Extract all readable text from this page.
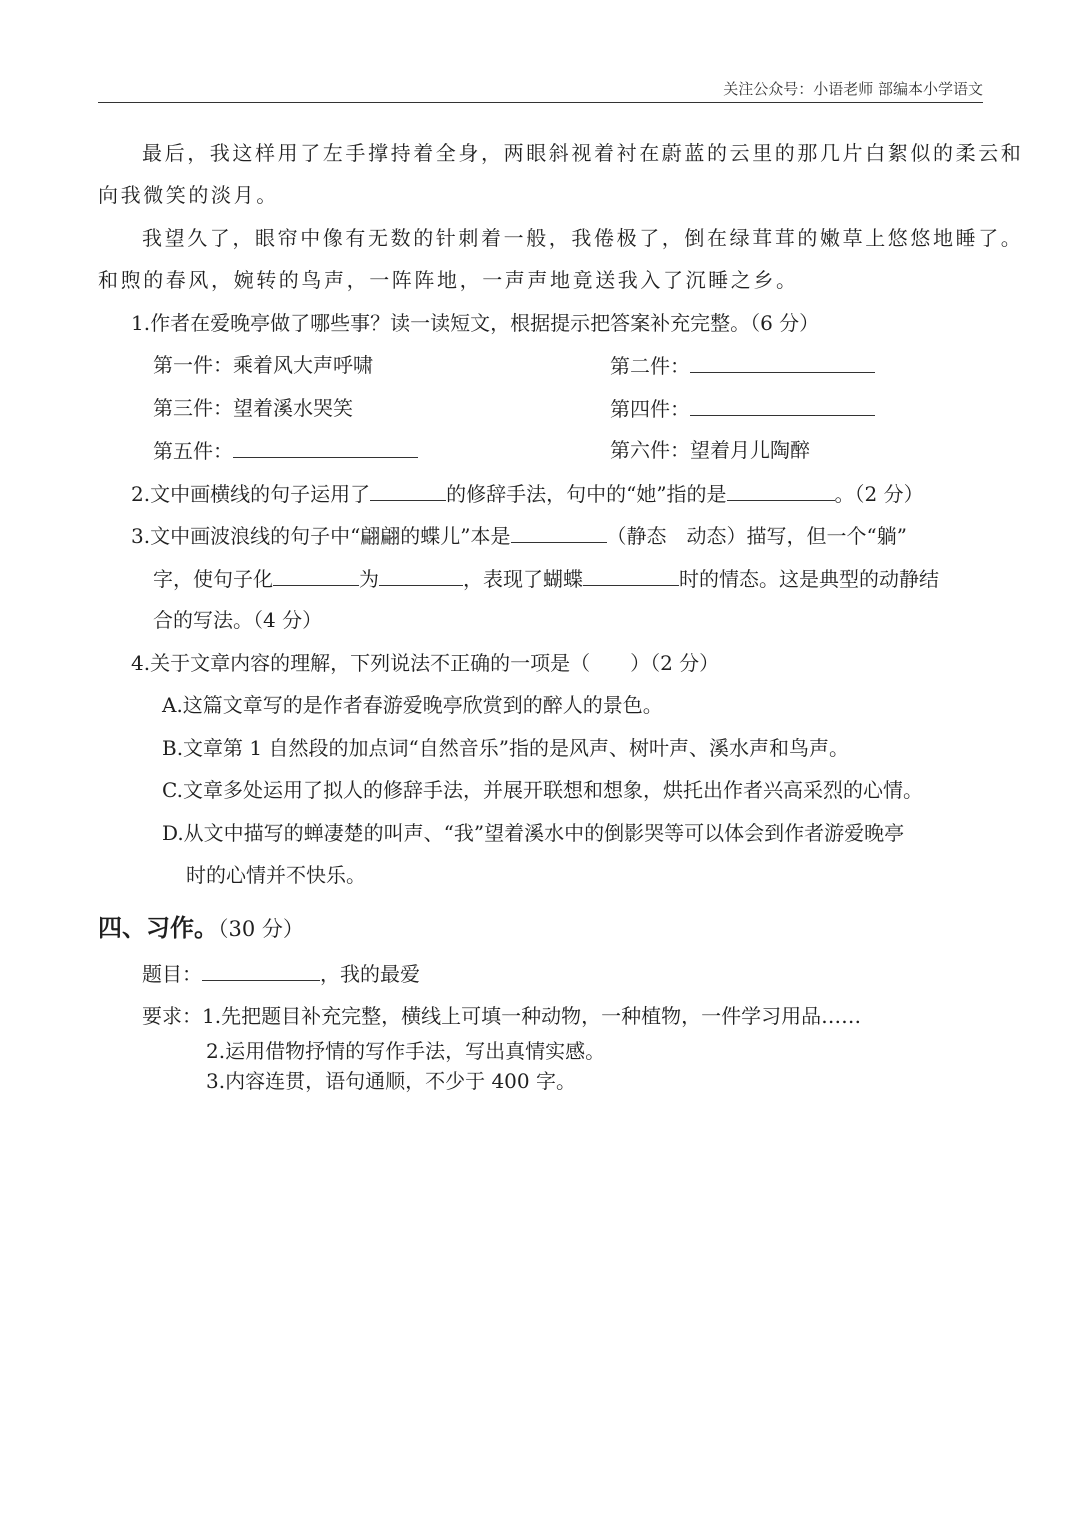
关注公众号：小语老师 部编本小学语文
最后，我这样用了左手撑持着全身，两眼斜视着衬在蔚蓝的云里的那几片白絮似的柔云和
向我微笑的淡月。
我望久了，眼帘中像有无数的针刺着一般，我倦极了，倒在绿茸茸的嫩草上悠悠地睡了。
和煦的春风，婉转的鸟声，一阵阵地，一声声地竟送我入了沉睡之乡。
1.作者在爱晚亭做了哪些事？读一读短文，根据提示把答案补充完整。（6 分）
第一件：乘着风大声呼啸	第二件：
第三件：望着溪水哭笑	第四件：
第五件：	第六件：望着月儿陶醉
2.文中画横线的句子运用了	的修辞手法，句中的“她”指的是	。（2 分）
3.文中画波浪线的句子中“翩翩的蝶儿”本是	（静态　动态）描写，但一个“躺”
字，使句子化	为	，表现了蝴蝶	时的情态。这是典型的动静结
合的写法。（4 分）
4.关于文章内容的理解，下列说法不正确的一项是（　　）（2 分）
A.这篇文章写的是作者春游爱晚亭欣赏到的醉人的景色。
B.文章第 1 自然段的加点词“自然音乐”指的是风声、树叶声、溪水声和鸟声。
C.文章多处运用了拟人的修辞手法，并展开联想和想象，烘托出作者兴高采烈的心情。
D.从文中描写的蝉凄楚的叫声、“我”望着溪水中的倒影哭等可以体会到作者游爱晚亭
时的心情并不快乐。
四、习作。（30 分）
题目：	，我的最爱
要求：1.先把题目补充完整，横线上可填一种动物，一种植物，一件学习用品……
2.运用借物抒情的写作手法，写出真情实感。
3.内容连贯，语句通顺，不少于 400 字。
